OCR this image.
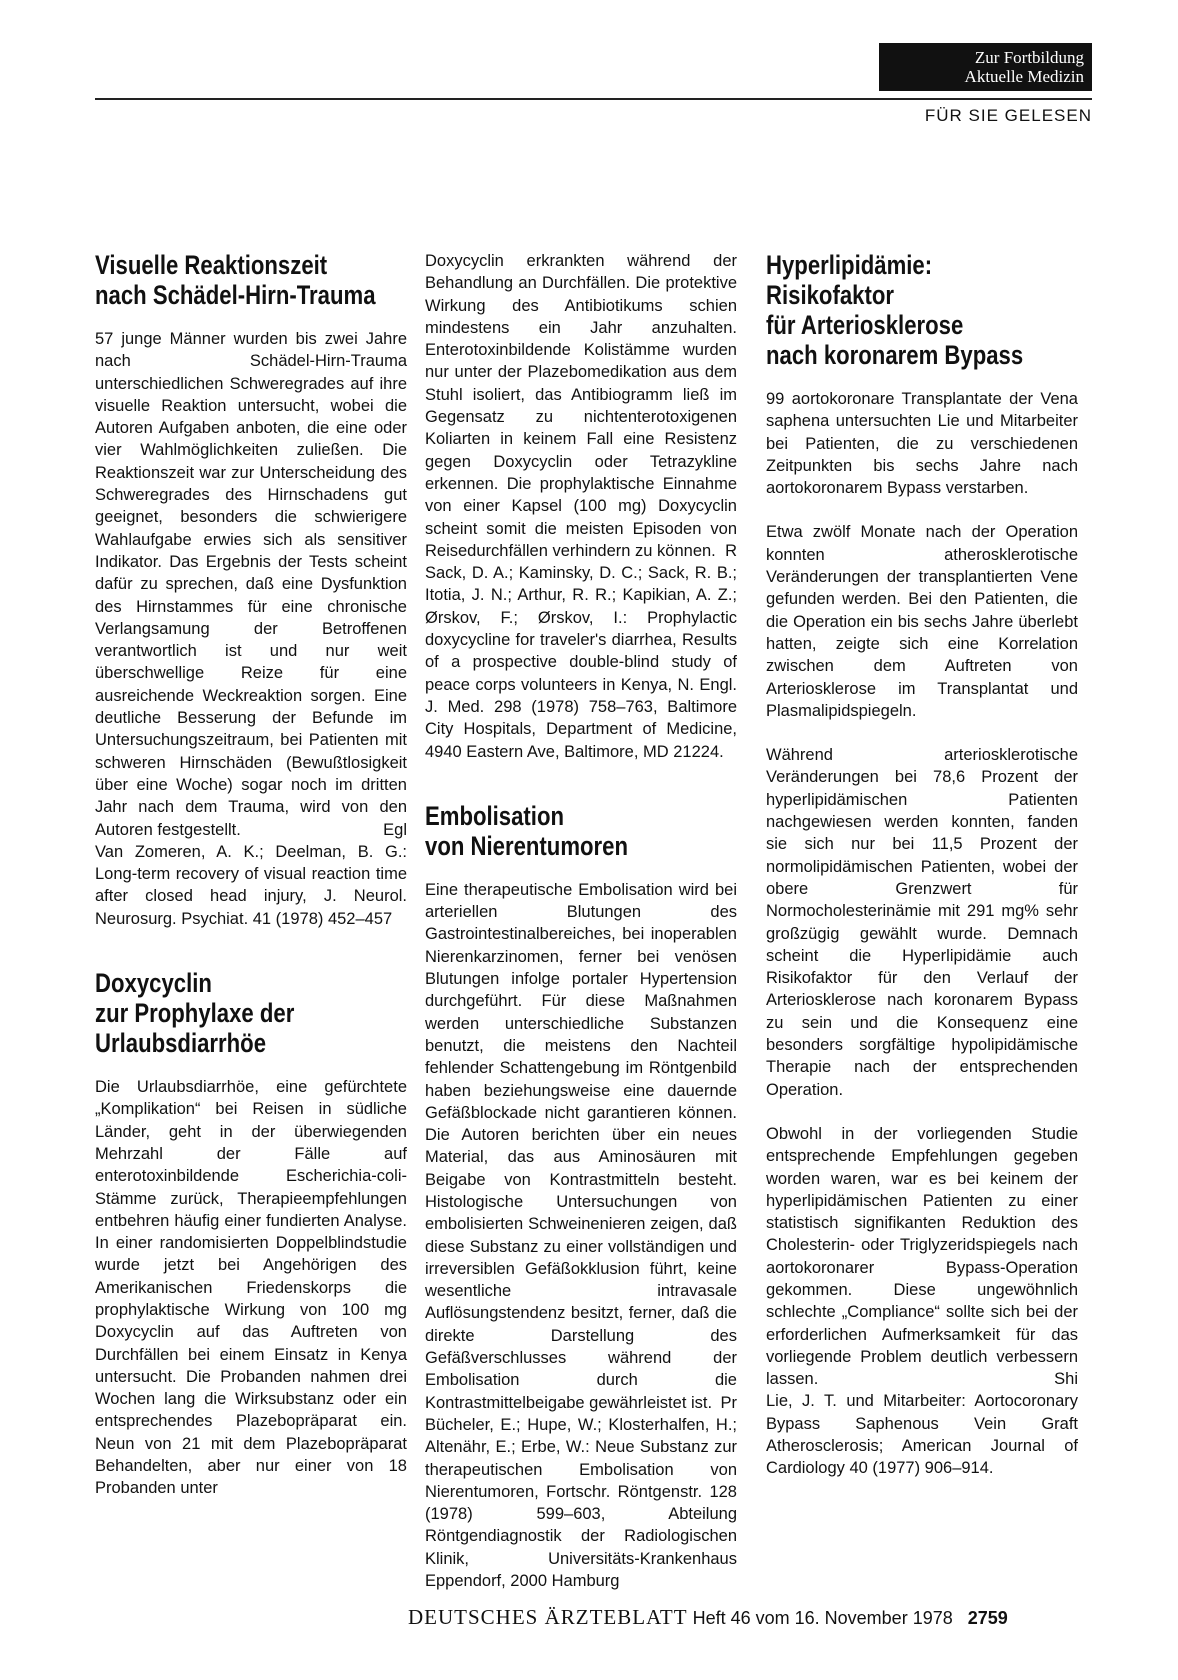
Zur Fortbildung
Aktuelle Medizin
FÜR SIE GELESEN
Visuelle Reaktionszeit
nach Schädel-Hirn-Trauma

57 junge Männer wurden bis zwei Jahre nach Schädel-Hirn-Trauma unterschiedlichen Schweregrades auf ihre visuelle Reaktion untersucht, wobei die Autoren Aufgaben anboten, die eine oder vier Wahlmöglichkeiten zuließen. Die Reaktionszeit war zur Unterscheidung des Schweregrades des Hirnschadens gut geeignet, besonders die schwierigere Wahlaufgabe erwies sich als sensitiver Indikator. Das Ergebnis der Tests scheint dafür zu sprechen, daß eine Dysfunktion des Hirnstammes für eine chronische Verlangsamung der Betroffenen verantwortlich ist und nur weit überschwellige Reize für eine ausreichende Weckreaktion sorgen. Eine deutliche Besserung der Befunde im Untersuchungszeitraum, bei Patienten mit schweren Hirnschäden (Bewußtlosigkeit über eine Woche) sogar noch im dritten Jahr nach dem Trauma, wird von den Autoren festgestellt.	Egl

Van Zomeren, A. K.; Deelman, B. G.: Long-term recovery of visual reaction time after closed head injury, J. Neurol. Neurosurg. Psychiat. 41 (1978) 452–457

Doxycyclin
zur Prophylaxe der
Urlaubsdiarrhöe

Die Urlaubsdiarrhöe, eine gefürchtete „Komplikation“ bei Reisen in südliche Länder, geht in der überwiegenden Mehrzahl der Fälle auf enterotoxinbildende Escherichia-coli-Stämme zurück, Therapieempfehlungen entbehren häufig einer fundierten Analyse. In einer randomisierten Doppelblindstudie wurde jetzt bei Angehörigen des Amerikanischen Friedenskorps die prophylaktische Wirkung von 100 mg Doxycyclin auf das Auftreten von Durchfällen bei einem Einsatz in Kenya untersucht. Die Probanden nahmen drei Wochen lang die Wirksubstanz oder ein entsprechendes Plazebopräparat ein. Neun von 21 mit dem Plazebopräparat Behandelten, aber nur einer von 18 Probanden unter

Doxycyclin erkrankten während der Behandlung an Durchfällen. Die protektive Wirkung des Antibiotikums schien mindestens ein Jahr anzuhalten. Enterotoxinbildende Kolistämme wurden nur unter der Plazebomedikation aus dem Stuhl isoliert, das Antibiogramm ließ im Gegensatz zu nichtenterotoxigenen Koliarten in keinem Fall eine Resistenz gegen Doxycyclin oder Tetrazykline erkennen. Die prophylaktische Einnahme von einer Kapsel (100 mg) Doxycyclin scheint somit die meisten Episoden von Reisedurchfällen verhindern zu können. R

Sack, D. A.; Kaminsky, D. C.; Sack, R. B.; Itotia, J. N.; Arthur, R. R.; Kapikian, A. Z.; Ørskov, F.; Ørskov, I.: Prophylactic doxycycline for traveler's diarrhea, Results of a prospective double-blind study of peace corps volunteers in Kenya, N. Engl. J. Med. 298 (1978) 758–763, Baltimore City Hospitals, Department of Medicine, 4940 Eastern Ave, Baltimore, MD 21224.

Embolisation
von Nierentumoren

Eine therapeutische Embolisation wird bei arteriellen Blutungen des Gastrointestinalbereiches, bei inoperablen Nierenkarzinomen, ferner bei venösen Blutungen infolge portaler Hypertension durchgeführt. Für diese Maßnahmen werden unterschiedliche Substanzen benutzt, die meistens den Nachteil fehlender Schattengebung im Röntgenbild haben beziehungsweise eine dauernde Gefäßblockade nicht garantieren können. Die Autoren berichten über ein neues Material, das aus Aminosäuren mit Beigabe von Kontrastmitteln besteht. Histologische Untersuchungen von embolisierten Schweinenieren zeigen, daß diese Substanz zu einer vollständigen und irreversiblen Gefäßokklusion führt, keine wesentliche intravasale Auflösungstendenz besitzt, ferner, daß die direkte Darstellung des Gefäßverschlusses während der Embolisation durch die Kontrastmittelbeigabe gewährleistet ist. Pr

Bücheler, E.; Hupe, W.; Klosterhalfen, H.; Altenähr, E.; Erbe, W.: Neue Substanz zur therapeutischen Embolisation von Nierentumoren, Fortschr. Röntgenstr. 128 (1978) 599–603, Abteilung Röntgendiagnostik der Radiologischen Klinik, Universitäts-Krankenhaus Eppendorf, 2000 Hamburg

Hyperlipidämie:
Risikofaktor
für Arteriosklerose
nach koronarem Bypass

99 aortokoronare Transplantate der Vena saphena untersuchten Lie und Mitarbeiter bei Patienten, die zu verschiedenen Zeitpunkten bis sechs Jahre nach aortokoronarem Bypass verstarben.

Etwa zwölf Monate nach der Operation konnten atherosklerotische Veränderungen der transplantierten Vene gefunden werden. Bei den Patienten, die die Operation ein bis sechs Jahre überlebt hatten, zeigte sich eine Korrelation zwischen dem Auftreten von Arteriosklerose im Transplantat und Plasmalipidspiegeln.

Während arteriosklerotische Veränderungen bei 78,6 Prozent der hyperlipidämischen Patienten nachgewiesen werden konnten, fanden sie sich nur bei 11,5 Prozent der normolipidämischen Patienten, wobei der obere Grenzwert für Normocholesterinämie mit 291 mg% sehr großzügig gewählt wurde. Demnach scheint die Hyperlipidämie auch Risikofaktor für den Verlauf der Arteriosklerose nach koronarem Bypass zu sein und die Konsequenz eine besonders sorgfältige hypolipidämische Therapie nach der entsprechenden Operation.

Obwohl in der vorliegenden Studie entsprechende Empfehlungen gegeben worden waren, war es bei keinem der hyperlipidämischen Patienten zu einer statistisch signifikanten Reduktion des Cholesterin- oder Triglyzeridspiegels nach aortokoronarer Bypass-Operation gekommen. Diese ungewöhnlich schlechte „Compliance“ sollte sich bei der erforderlichen Aufmerksamkeit für das vorliegende Problem deutlich verbessern lassen.	Shi

Lie, J. T. und Mitarbeiter: Aortocoronary Bypass Saphenous Vein Graft Atherosclerosis; American Journal of Cardiology 40 (1977) 906–914.

DEUTSCHES ÄRZTEBLATT Heft 46 vom 16. November 1978 2759
